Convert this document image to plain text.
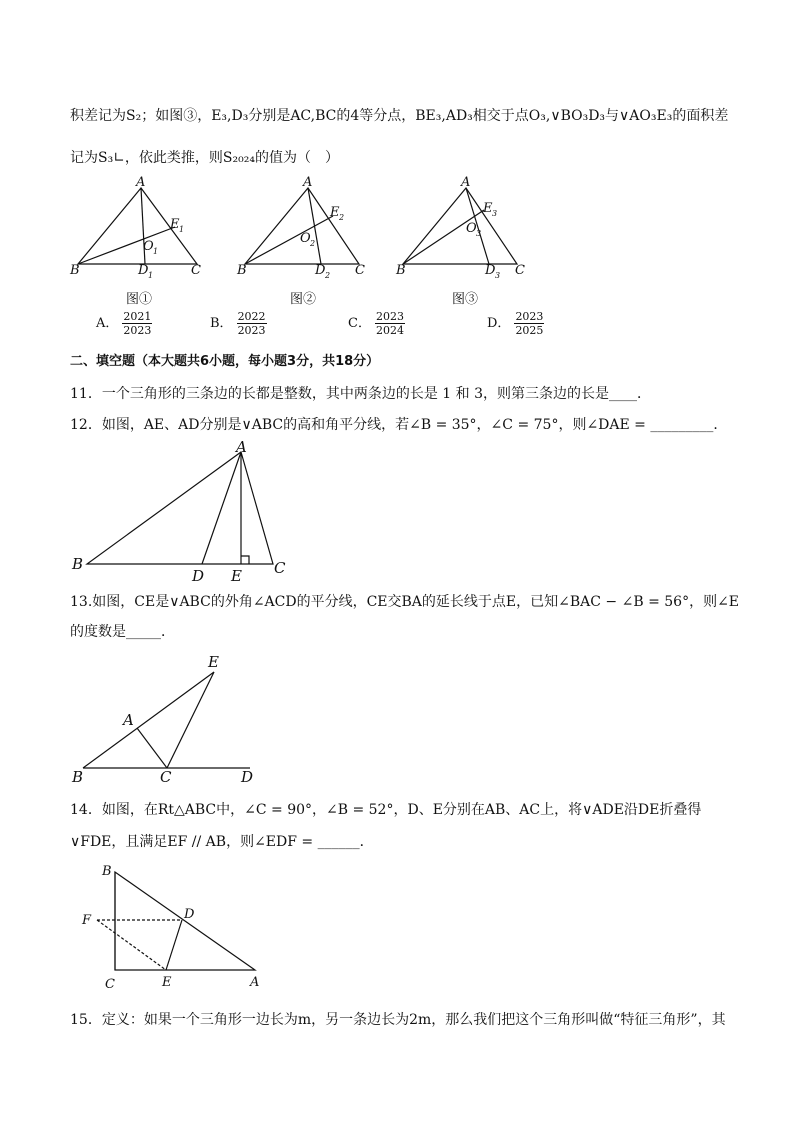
积差记为S₂；如图③，E₃,D₃分别是AC,BC的4等分点，BE₃,AD₃相交于点O₃,∨BO₃D₃与∨AO₃E₃的面积差
记为S₃∟，依此类推，则S₂₀₂₄的值为（　）
A
B	C
D 1
E 1
O 1
图①
A
B	C
D 2
E 2
O 2
图②
A
B	C
D 3
E 3
O 3
图③
A． $\frac{2021}{2023}$	B． $\frac{2022}{2023}$	C． $\frac{2023}{2024}$	D． $\frac{2023}{2025}$
二、填空题（本大题共6小题，每小题3分，共18分）
11．一个三角形的三条边的长都是整数，其中两条边的长是 1 和 3，则第三条边的长是____．
12．如图，AE、AD分别是∨ABC的高和角平分线，若∠B = 35°，∠C = 75°，则∠DAE = _________．
A
B	C
D E
13.如图，CE是∨ABC的外角∠ACD的平分线，CE交BA的延长线于点E，已知∠BAC − ∠B = 56°，则∠E
的度数是_____．
E
A
B	C	D
14．如图，在Rt△ABC中，∠C = 90°，∠B = 52°，D、E分别在AB、AC上，将∨ADE沿DE折叠得
∨FDE，且满足EF // AB，则∠EDF = ______．
B
F	D
C	E	A
15．定义：如果一个三角形一边长为m，另一条边长为2m，那么我们把这个三角形叫做“特征三角形”，其
